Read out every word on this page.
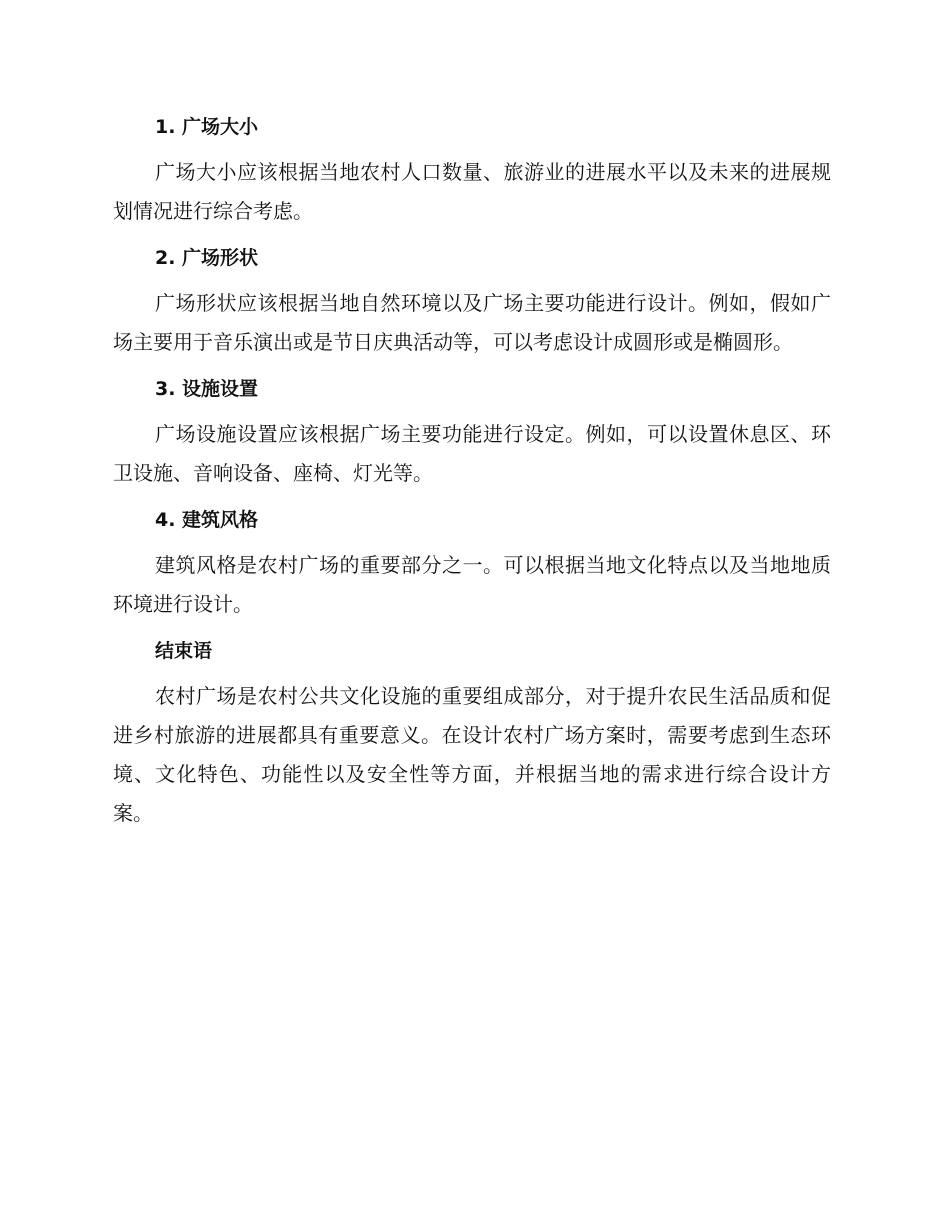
1. 广场大小

广场大小应该根据当地农村人口数量、旅游业的进展水平以及未来的进展规划情况进行综合考虑。

2. 广场形状

广场形状应该根据当地自然环境以及广场主要功能进行设计。例如，假如广场主要用于音乐演出或是节日庆典活动等，可以考虑设计成圆形或是椭圆形。

3. 设施设置

广场设施设置应该根据广场主要功能进行设定。例如，可以设置休息区、环卫设施、音响设备、座椅、灯光等。

4. 建筑风格

建筑风格是农村广场的重要部分之一。可以根据当地文化特点以及当地地质环境进行设计。

结束语

农村广场是农村公共文化设施的重要组成部分，对于提升农民生活品质和促进乡村旅游的进展都具有重要意义。在设计农村广场方案时，需要考虑到生态环境、文化特色、功能性以及安全性等方面，并根据当地的需求进行综合设计方案。
